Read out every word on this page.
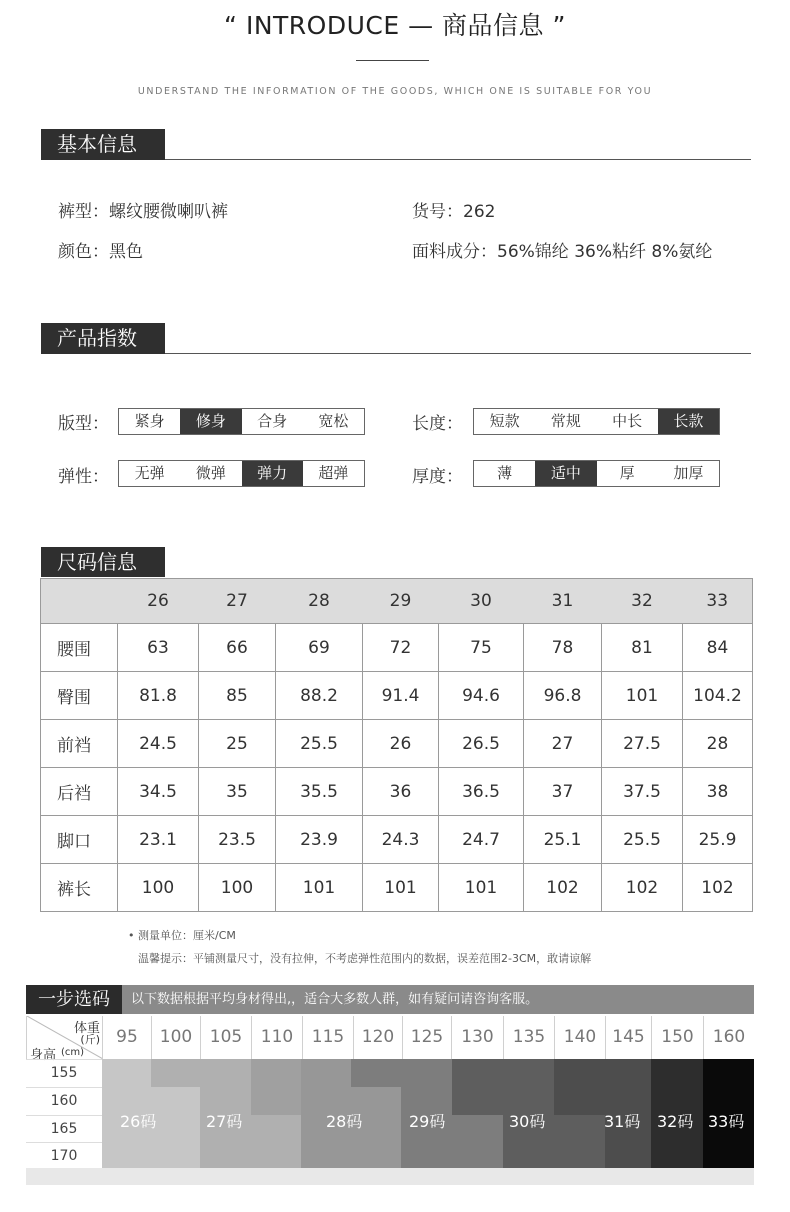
“ INTRODUCE — 商品信息 ”
UNDERSTAND THE INFORMATION OF THE GOODS, WHICH ONE IS SUITABLE FOR YOU
基本信息
裤型：螺纹腰微喇叭裤	货号：262
颜色：黑色	面料成分：56%锦纶 36%粘纤 8%氨纶
产品指数
版型：	紧身	修身	合身	宽松	长度：	短款	常规	中长	长款
弹性：	无弹	微弹	弹力	超弹	厚度：	薄	适中	厚	加厚
尺码信息
	26	27	28	29	30	31	32	33
腰围	63	66	69	72	75	78	81	84
臀围	81.8	85	88.2	91.4	94.6	96.8	101	104.2
前裆	24.5	25	25.5	26	26.5	27	27.5	28
后裆	34.5	35	35.5	36	36.5	37	37.5	38
脚口	23.1	23.5	23.9	24.3	24.7	25.1	25.5	25.9
裤长	100	100	101	101	101	102	102	102
• 测量单位：厘米/CM
温馨提示：平铺测量尺寸，没有拉伸，不考虑弹性范围内的数据，误差范围2-3CM，敢请谅解
一步选码	以下数据根据平均身材得出,，适合大多数人群，如有疑问请咨询客服。
体重
(斤)
身高 (cm)
95	100	105	110	115	120 125	130	135	140 145 150	160
155
160
165
170
26码	27码	28码	29码	30码	31码 32码 33码
